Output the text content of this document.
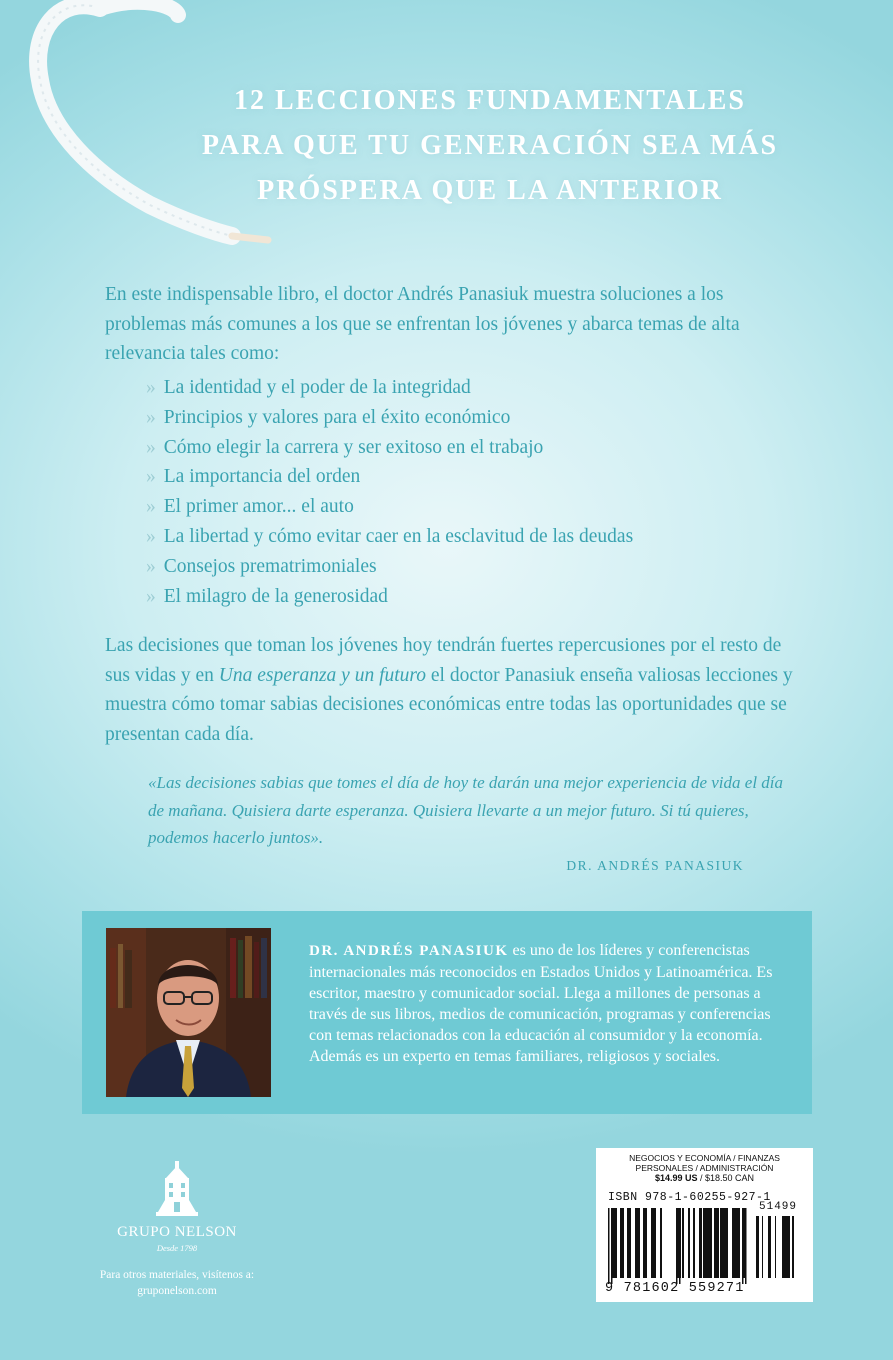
12 LECCIONES FUNDAMENTALES
PARA QUE TU GENERACIÓN SEA MÁS
PRÓSPERA QUE LA ANTERIOR

En este indispensable libro, el doctor Andrés Panasiuk muestra soluciones a los problemas más comunes a los que se enfrentan los jóvenes y abarca temas de alta relevancia tales como:

» La identidad y el poder de la integridad
» Principios y valores para el éxito económico
» Cómo elegir la carrera y ser exitoso en el trabajo
» La importancia del orden
» El primer amor... el auto
» La libertad y cómo evitar caer en la esclavitud de las deudas
» Consejos prematrimoniales
» El milagro de la generosidad

Las decisiones que toman los jóvenes hoy tendrán fuertes repercusiones por el resto de sus vidas y en Una esperanza y un futuro el doctor Panasiuk enseña valiosas lecciones y muestra cómo tomar sabias decisiones económicas entre todas las oportunidades que se presentan cada día.

«Las decisiones sabias que tomes el día de hoy te darán una mejor experiencia de vida el día de mañana. Quisiera darte esperanza. Quisiera llevarte a un mejor futuro. Si tú quieres, podemos hacerlo juntos».

DR. ANDRÉS PANASIUK

DR. ANDRÉS PANASIUK es uno de los líderes y conferencistas internacionales más reconocidos en Estados Unidos y Latinoamérica. Es escritor, maestro y comunicador social. Llega a millones de personas a través de sus libros, medios de comunicación, programas y conferencias con temas relacionados con la educación al consumidor y la economía. Además es un experto en temas familiares, religiosos y sociales.

GRUPO NELSON
Desde 1798
Para otros materiales, visítenos a:
gruponelson.com
NEGOCIOS Y ECONOMÍA / FINANZAS PERSONALES / ADMINISTRACIÓN
$14.99 US / $18.50 CAN
ISBN 978-1-60255-927-1
51499
9 781602 559271
